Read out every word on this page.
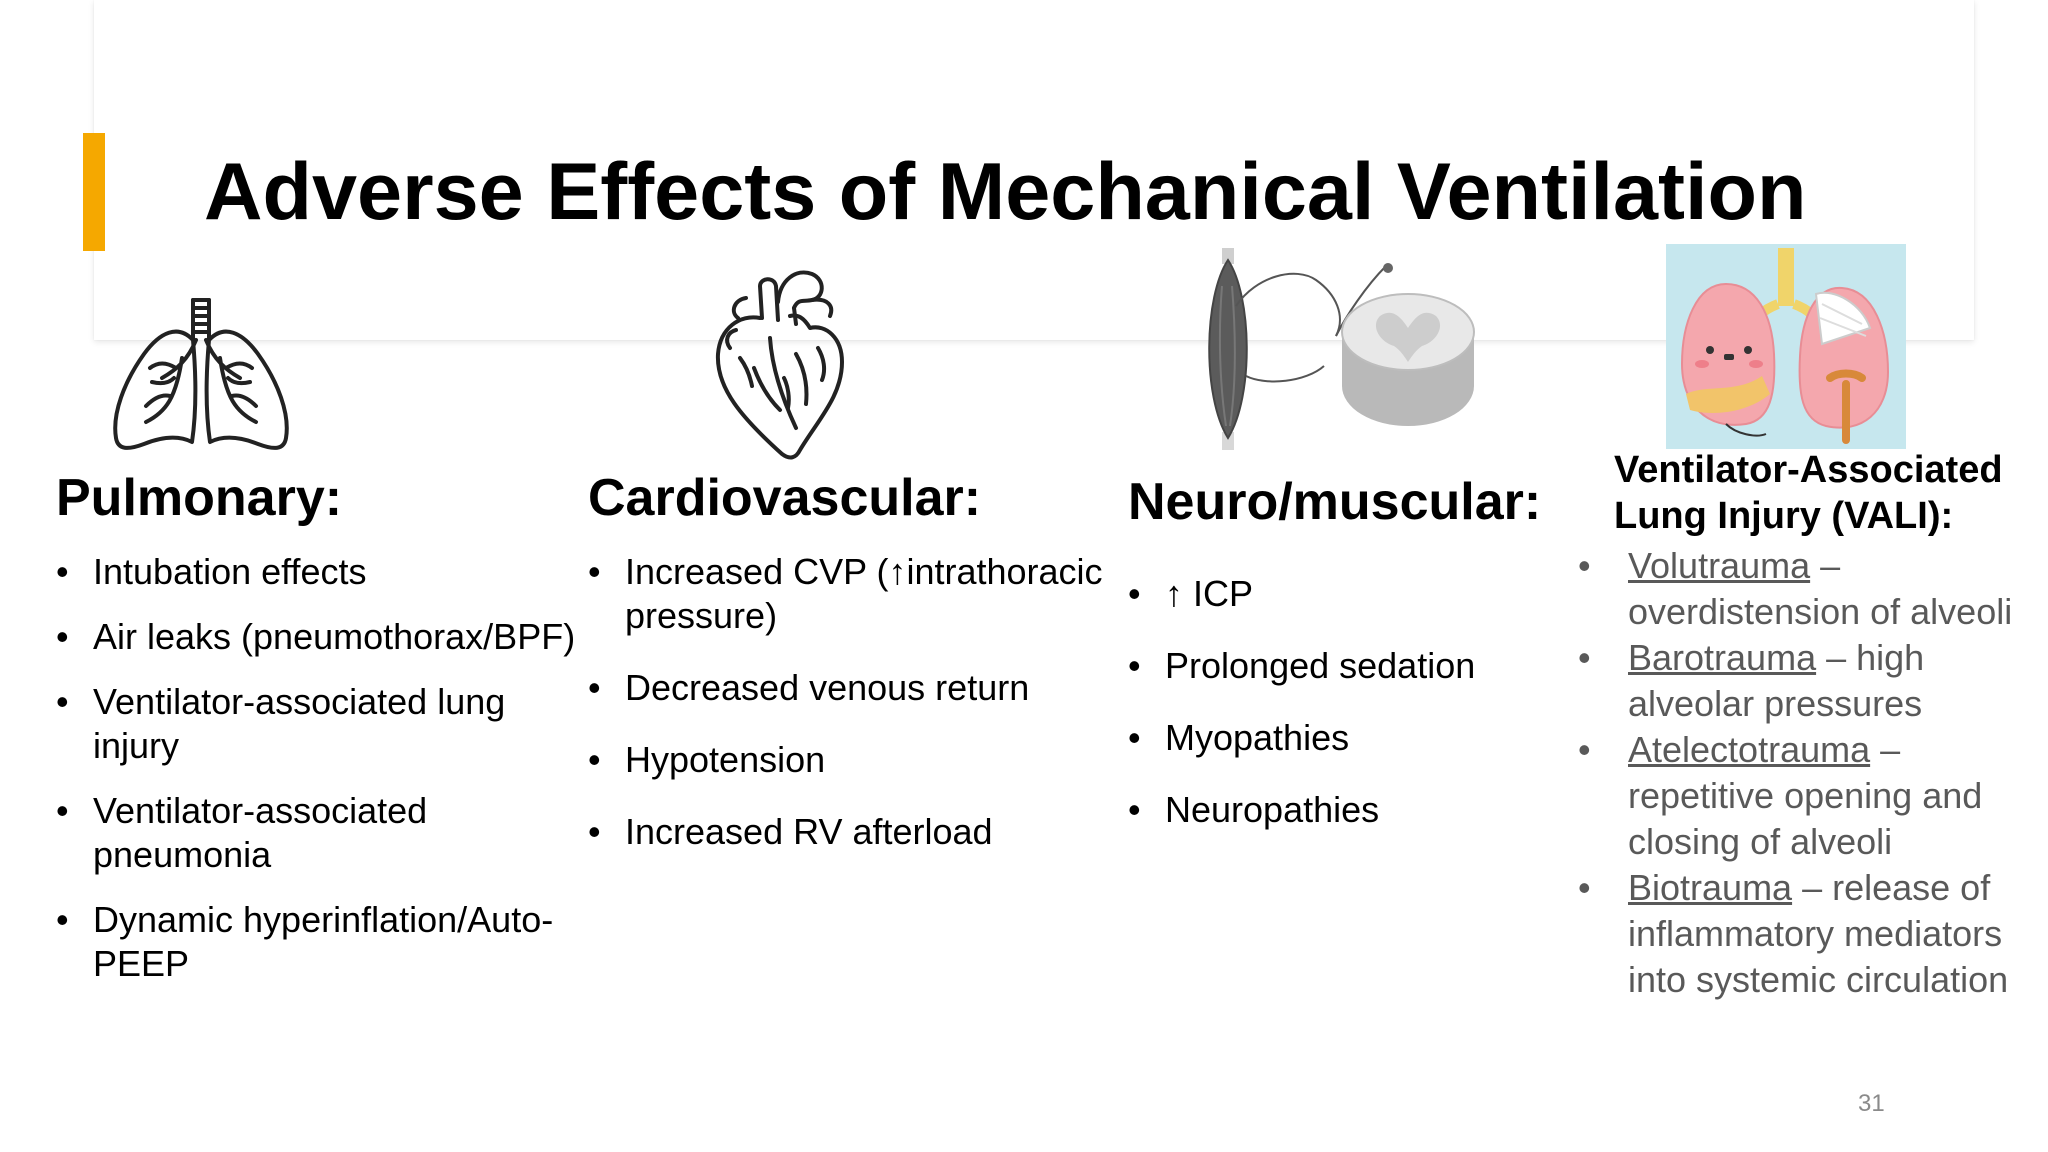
Adverse Effects of Mechanical Ventilation
Pulmonary:
• Intubation effects
• Air leaks (pneumothorax/BPF)
• Ventilator-associated lung injury
• Ventilator-associated pneumonia
• Dynamic hyperinflation/Auto-PEEP
Cardiovascular:
• Increased CVP (↑intrathoracic pressure)
• Decreased venous return
• Hypotension
• Increased RV afterload
Neuro/muscular:
• ↑ ICP
• Prolonged sedation
• Myopathies
• Neuropathies
Ventilator-Associated Lung Injury (VALI):
• Volutrauma – overdistension of alveoli
• Barotrauma – high alveolar pressures
• Atelectotrauma – repetitive opening and closing of alveoli
• Biotrauma – release of inflammatory mediators into systemic circulation
31
